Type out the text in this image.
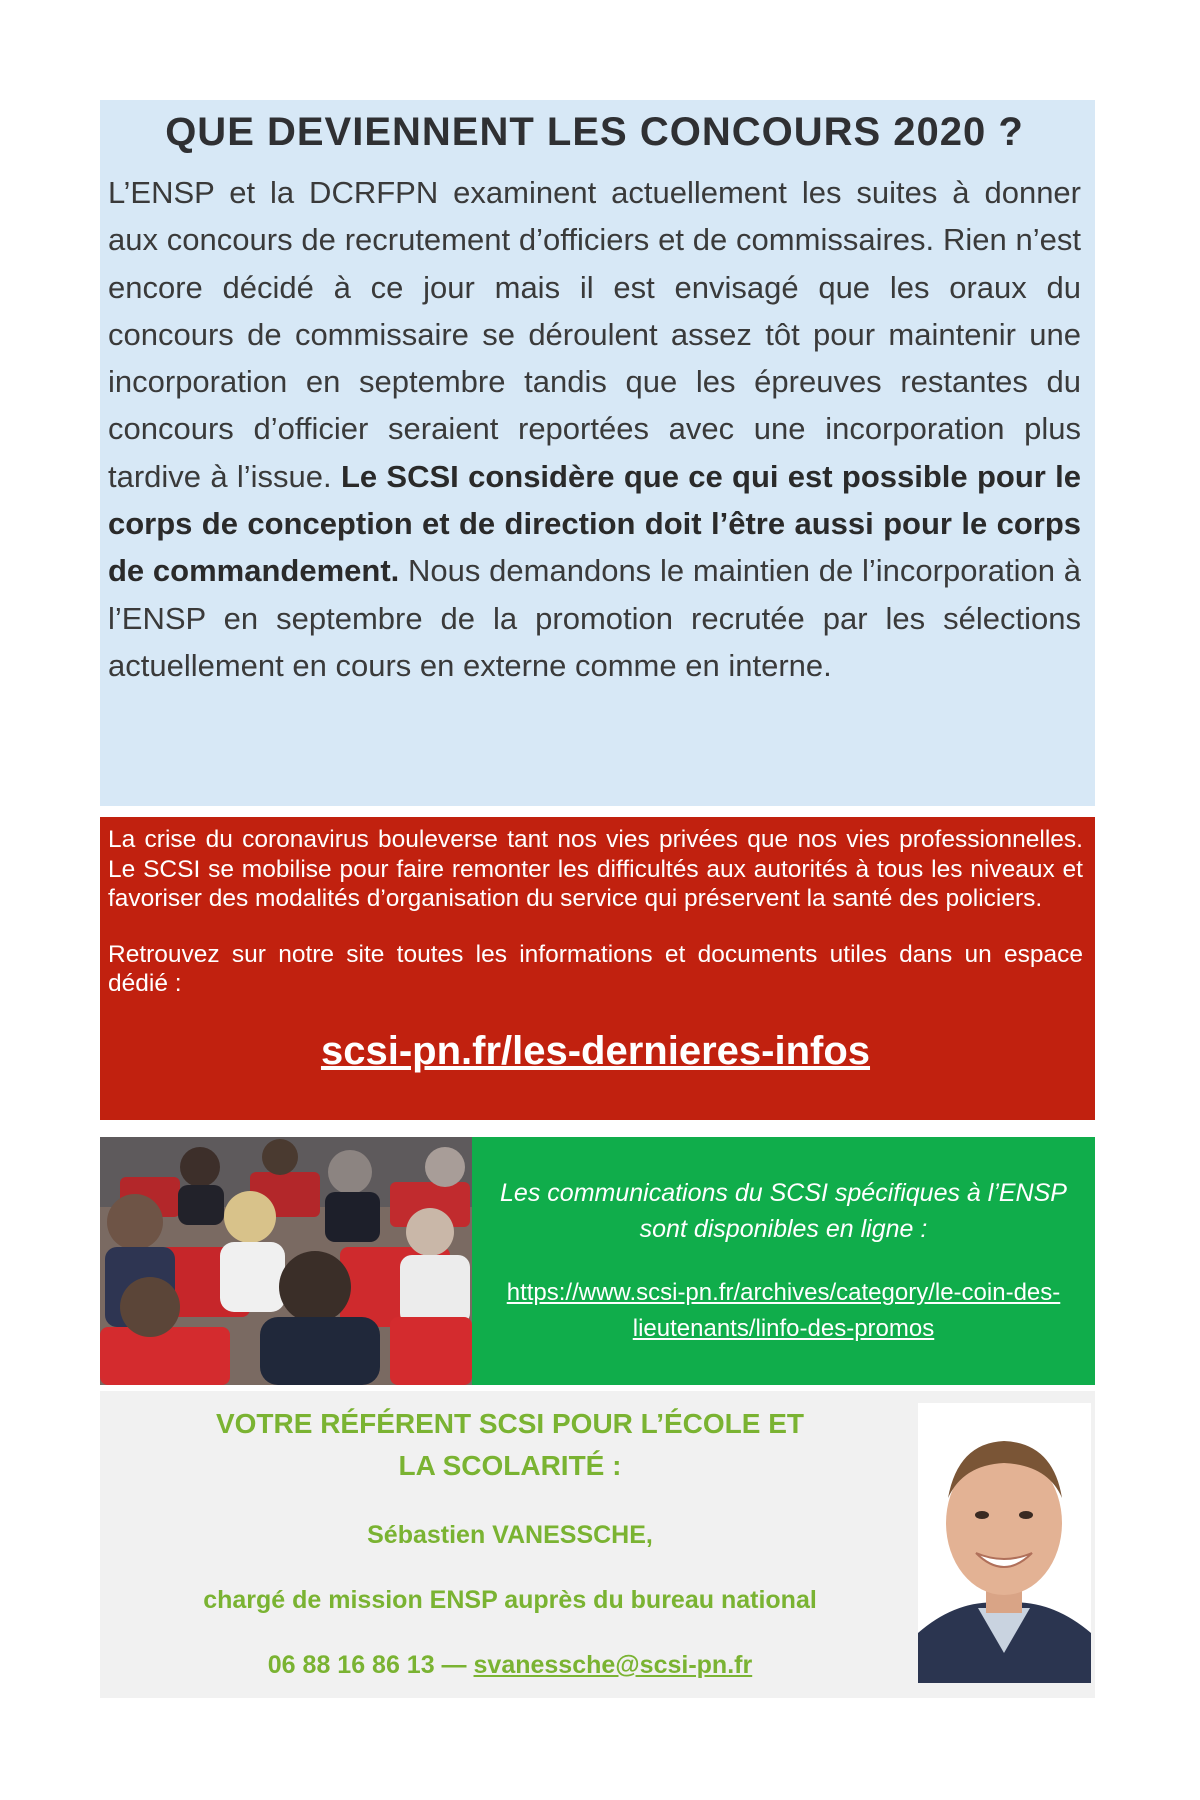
QUE DEVIENNENT LES CONCOURS 2020 ?

L’ENSP et la DCRFPN examinent actuellement les suites à donner aux concours de recrutement d’officiers et de commissaires. Rien n’est encore décidé à ce jour mais il est envisagé que les oraux du concours de commissaire se déroulent assez tôt pour maintenir une incorporation en septembre tandis que les épreuves restantes du concours d’officier seraient reportées avec une incorporation plus tardive à l’issue. Le SCSI considère que ce qui est possible pour le corps de conception et de direction doit l’être aussi pour le corps de commandement. Nous demandons le maintien de l’incorporation à l’ENSP en septembre de la promotion recrutée par les sélections actuellement en cours en externe comme en interne.

La crise du coronavirus bouleverse tant nos vies privées que nos vies professionnelles. Le SCSI se mobilise pour faire remonter les difficultés aux autorités à tous les niveaux et favoriser des modalités d’organisation du service qui préservent la santé des policiers.

Retrouvez sur notre site toutes les informations et documents utiles dans un espace dédié :

scsi-pn.fr/les-dernieres-infos

Les communications du SCSI spécifiques à l’ENSP

sont disponibles en ligne :

https://www.scsi-pn.fr/archives/category/le-coin-des-
lieutenants/linfo-des-promos
VOTRE RÉFÉRENT SCSI POUR L’ÉCOLE ET
LA SCOLARITÉ :
Sébastien VANESSCHE,
chargé de mission ENSP auprès du bureau national
06 88 16 86 13 — svanessche@scsi-pn.fr
